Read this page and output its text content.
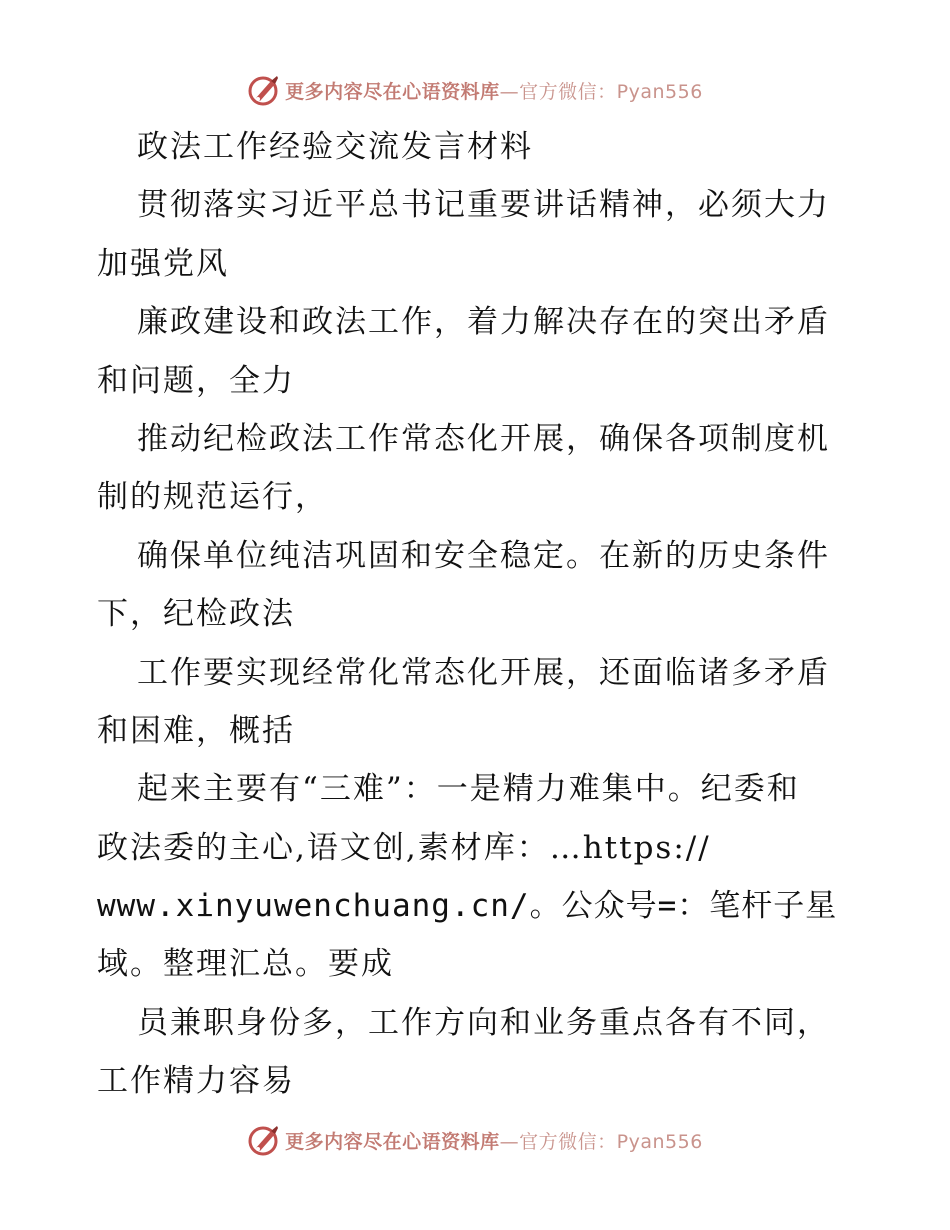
更多内容尽在心语资料库—官方微信：Pyan556
政法工作经验交流发言材料
贯彻落实习近平总书记重要讲话精神，必须大力
加强党风
廉政建设和政法工作，着力解决存在的突出矛盾
和问题，全力
推动纪检政法工作常态化开展，确保各项制度机
制的规范运行，
确保单位纯洁巩固和安全稳定。在新的历史条件
下，纪检政法
工作要实现经常化常态化开展，还面临诸多矛盾
和困难，概括
起来主要有“三难”：一是精力难集中。纪委和
政法委的主心,语文创,素材库：…https://
www.xinyuwenchuang.cn/。公众号=：笔杆子星
域。整理汇总。要成
员兼职身份多，工作方向和业务重点各有不同，
工作精力容易
更多内容尽在心语资料库—官方微信：Pyan556
